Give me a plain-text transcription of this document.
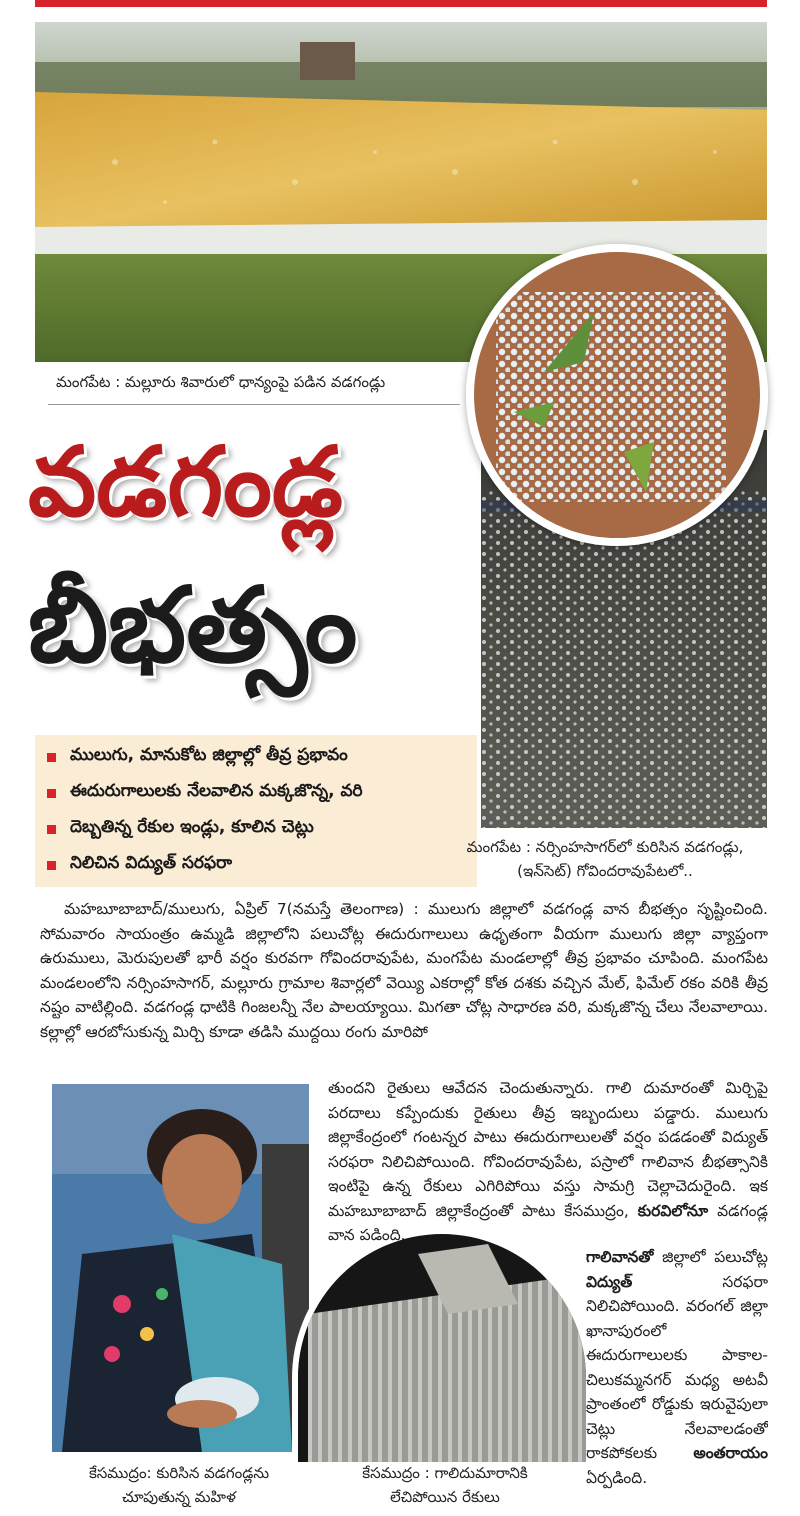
మంగపేట : మల్లూరు శివారులో ధాన్యంపై పడిన వడగండ్లు
వడగండ్ల
బీభత్సం
ములుగు, మానుకోట జిల్లాల్లో తీవ్ర ప్రభావం
ఈదురుగాలులకు నేలవాలిన మక్కజొన్న, వరి
దెబ్బతిన్న రేకుల ఇండ్లు, కూలిన చెట్లు
నిలిచిన విద్యుత్‌ సరఫరా
మంగపేట : నర్సింహసాగర్‌లో కురిసిన వడగండ్లు,
(ఇన్‌సెట్‌) గోవిందరావుపేటలో..

మహబూబాబాద్‌/ములుగు, ఏప్రిల్‌ 7(నమస్తే తెలంగాణ) : ములుగు జిల్లాలో వడగండ్ల వాన బీభత్సం సృష్టించింది. సోమవారం సాయంత్రం ఉమ్మడి జిల్లాలోని పలుచోట్ల ఈదురుగాలులు ఉధృతంగా వీయగా ములుగు జిల్లా వ్యాప్తంగా ఉరుములు, మెరుపులతో భారీ వర్షం కురవగా గోవిందరావుపేట, మంగపేట మండలాల్లో తీవ్ర ప్రభావం చూపింది. మంగపేట మండలంలోని నర్సింహసాగర్‌, మల్లూరు గ్రామాల శివార్లలో వెయ్యి ఎకరాల్లో కోత దశకు వచ్చిన మేల్‌, ఫిమేల్‌ రకం వరికి తీవ్ర నష్టం వాటిల్లింది. వడగండ్ల ధాటికి గింజలన్నీ నేల పాలయ్యాయి. మిగతా చోట్ల సాధారణ వరి, మక్కజొన్న చేలు నేలవాలాయి. కల్లాల్లో ఆరబోసుకున్న మిర్చి కూడా తడిసి ముద్దయి రంగు మారిపో

కేసముద్రం: కురిసిన వడగండ్లను
చూపుతున్న మహిళ
కేసముద్రం : గాలిదుమారానికి
లేచిపోయిన రేకులు

తుందని రైతులు ఆవేదన చెందుతున్నారు. గాలి దుమారంతో మిర్చిపై పరదాలు కప్పేందుకు రైతులు తీవ్ర ఇబ్బందులు పడ్డారు. ములుగు జిల్లాకేంద్రంలో గంటన్నర పాటు ఈదురుగాలులతో వర్షం పడడంతో విద్యుత్‌ సరఫరా నిలిచిపోయింది. గోవిందరావుపేట, పస్రాలో గాలివాన బీభత్సానికి ఇంటిపై ఉన్న రేకులు ఎగిరిపోయి వస్తు సామగ్రి చెల్లాచెదురైంది. ఇక మహబూబాబాద్‌ జిల్లాకేంద్రంతో పాటు కేసముద్రం, కురవిలోనూ వడగండ్ల వాన పడింది.

గాలివానతో జిల్లాలో పలుచోట్ల విద్యుత్‌ సరఫరా నిలిచిపోయింది. వరంగల్‌ జిల్లా ఖానాపురంలో ఈదురుగాలులకు పాకాల-చిలుకమ్మనగర్‌ మధ్య అటవీ ప్రాంతంలో రోడ్డుకు ఇరువైపులా చెట్లు నేలవాలడంతో రాకపోకలకు అంతరాయం ఏర్పడింది.
